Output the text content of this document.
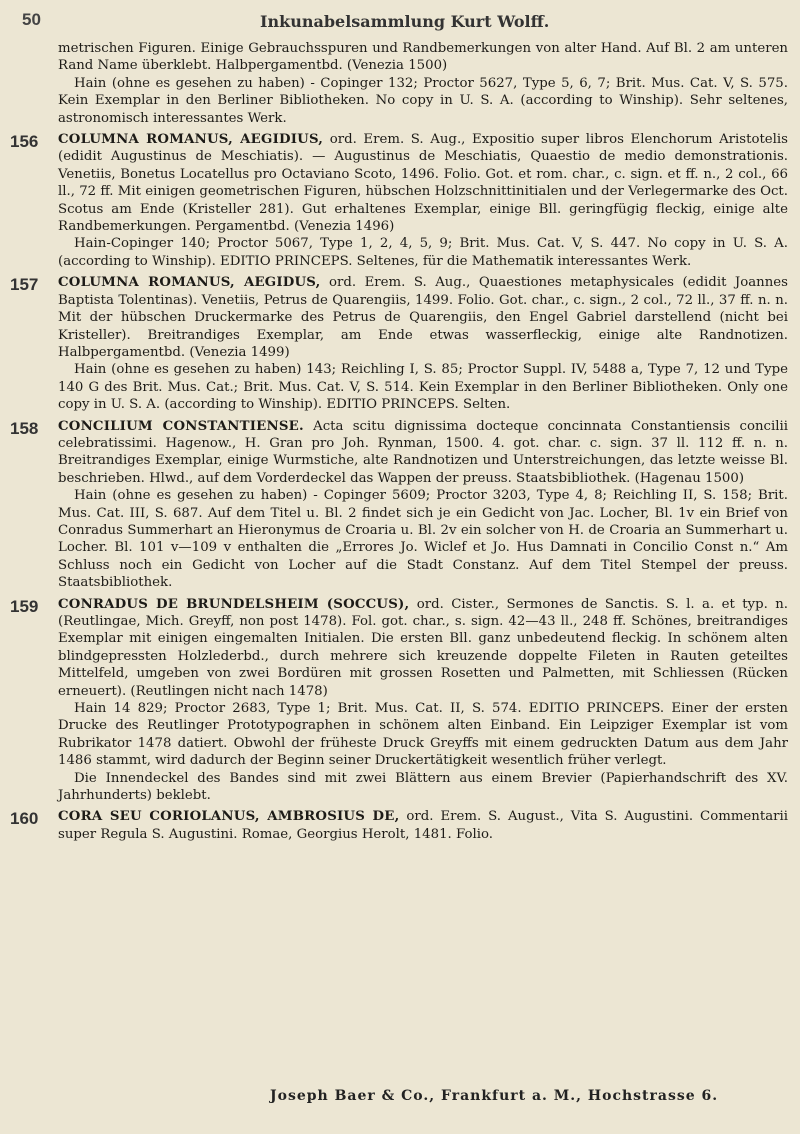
50	Inkunabelsammlung Kurt Wolff.

metrischen Figuren. Einige Gebrauchsspuren und Randbemerkungen von alter Hand. Auf Bl. 2 am unteren Rand Name überklebt. Halbpergamentbd. (Venezia 1500)

Hain (ohne es gesehen zu haben) - Copinger 132; Proctor 5627, Type 5, 6, 7; Brit. Mus. Cat. V, S. 575. Kein Exemplar in den Berliner Bibliotheken. No copy in U. S. A. (according to Winship). Sehr seltenes, astronomisch interessantes Werk.

156 COLUMNA ROMANUS, AEGIDIUS, ord. Erem. S. Aug., Expositio super libros Elenchorum Aristotelis (edidit Augustinus de Meschiatis). — Augustinus de Meschiatis, Quaestio de medio demonstrationis. Venetiis, Bonetus Locatellus pro Octaviano Scoto, 1496. Folio. Got. et rom. char., c. sign. et ff. n., 2 col., 66 ll., 72 ff. Mit einigen geometrischen Figuren, hübschen Holzschnittinitialen und der Verlegermarke des Oct. Scotus am Ende (Kristeller 281). Gut erhaltenes Exemplar, einige Bll. geringfügig fleckig, einige alte Randbemerkungen. Pergamentbd. (Venezia 1496)

Hain-Copinger 140; Proctor 5067, Type 1, 2, 4, 5, 9; Brit. Mus. Cat. V, S. 447. No copy in U. S. A. (according to Winship). EDITIO PRINCEPS. Seltenes, für die Mathematik interessantes Werk.

157 COLUMNA ROMANUS, AEGIDUS, ord. Erem. S. Aug., Quaestiones metaphysicales (edidit Joannes Baptista Tolentinas). Venetiis, Petrus de Quarengiis, 1499. Folio. Got. char., c. sign., 2 col., 72 ll., 37 ff. n. n. Mit der hübschen Druckermarke des Petrus de Quarengiis, den Engel Gabriel darstellend (nicht bei Kristeller). Breitrandiges Exemplar, am Ende etwas wasserfleckig, einige alte Randnotizen. Halbpergamentbd. (Venezia 1499)

Hain (ohne es gesehen zu haben) 143; Reichling I, S. 85; Proctor Suppl. IV, 5488 a, Type 7, 12 und Type 140 G des Brit. Mus. Cat.; Brit. Mus. Cat. V, S. 514. Kein Exemplar in den Berliner Bibliotheken. Only one copy in U. S. A. (according to Winship). EDITIO PRINCEPS. Selten.

158 CONCILIUM CONSTANTIENSE. Acta scitu dignissima docteque concinnata Constantiensis concilii celebratissimi. Hagenow., H. Gran pro Joh. Rynman, 1500. 4. got. char. c. sign. 37 ll. 112 ff. n. n. Breitrandiges Exemplar, einige Wurmstiche, alte Randnotizen und Unterstreichungen, das letzte weisse Bl. beschrieben. Hlwd., auf dem Vorderdeckel das Wappen der preuss. Staatsbibliothek. (Hagenau 1500)

Hain (ohne es gesehen zu haben) - Copinger 5609; Proctor 3203, Type 4, 8; Reichling II, S. 158; Brit. Mus. Cat. III, S. 687. Auf dem Titel u. Bl. 2 findet sich je ein Gedicht von Jac. Locher, Bl. 1v ein Brief von Conradus Summerhart an Hieronymus de Croaria u. Bl. 2v ein solcher von H. de Croaria an Summerhart u. Locher. Bl. 101 v—109 v enthalten die „Errores Jo. Wiclef et Jo. Hus Damnati in Concilio Const n.“ Am Schluss noch ein Gedicht von Locher auf die Stadt Constanz. Auf dem Titel Stempel der preuss. Staatsbibliothek.

159 CONRADUS DE BRUNDELSHEIM (SOCCUS), ord. Cister., Sermones de Sanctis. S. l. a. et typ. n. (Reutlingae, Mich. Greyff, non post 1478). Fol. got. char., s. sign. 42—43 ll., 248 ff. Schönes, breitrandiges Exemplar mit einigen eingemalten Initialen. Die ersten Bll. ganz unbedeutend fleckig. In schönem alten blindgepressten Holzlederbd., durch mehrere sich kreuzende doppelte Fileten in Rauten geteiltes Mittelfeld, umgeben von zwei Bordüren mit grossen Rosetten und Palmetten, mit Schliessen (Rücken erneuert). (Reutlingen nicht nach 1478)

Hain 14 829; Proctor 2683, Type 1; Brit. Mus. Cat. II, S. 574. EDITIO PRINCEPS. Einer der ersten Drucke des Reutlinger Prototypographen in schönem alten Einband. Ein Leipziger Exemplar ist vom Rubrikator 1478 datiert. Obwohl der früheste Druck Greyffs mit einem gedruckten Datum aus dem Jahr 1486 stammt, wird dadurch der Beginn seiner Druckertätigkeit wesentlich früher verlegt.

Die Innendeckel des Bandes sind mit zwei Blättern aus einem Brevier (Papierhandschrift des XV. Jahrhunderts) beklebt.

160 CORA SEU CORIOLANUS, AMBROSIUS DE, ord. Erem. S. August., Vita S. Augustini. Commentarii super Regula S. Augustini. Romae, Georgius Herolt, 1481. Folio.

Joseph Baer & Co., Frankfurt a. M., Hochstrasse 6.
